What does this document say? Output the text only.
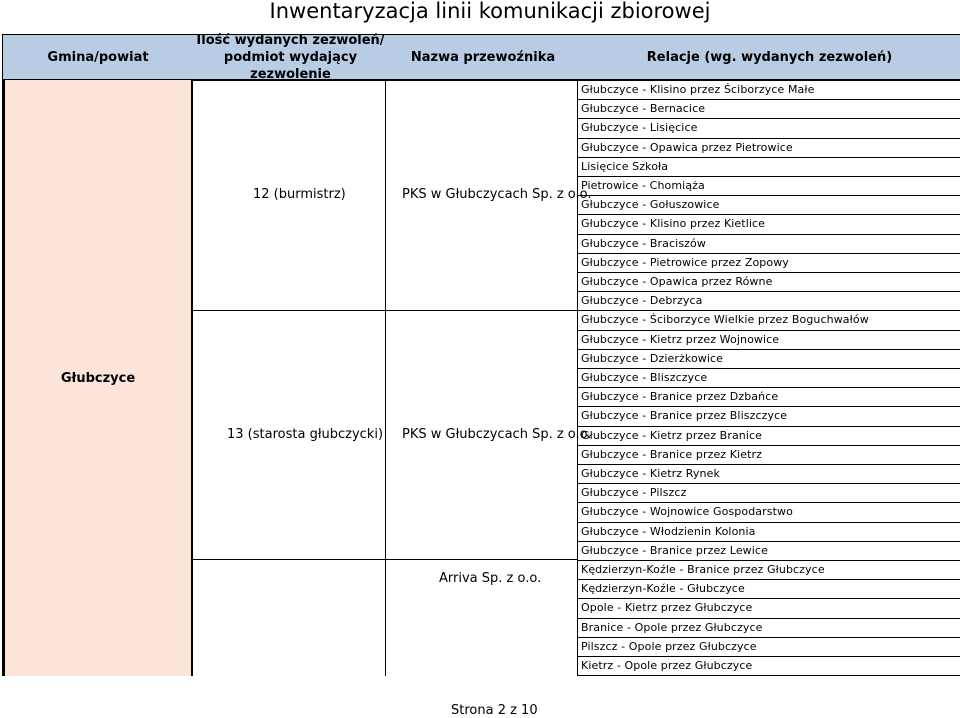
Inwentaryzacja linii komunikacji zbiorowej
Gmina/powiat
Ilość wydanych zezwoleń/
podmiot wydający zezwolenie
Nazwa przewoźnika	Relacje (wg. wydanych zezwoleń)
Głubczyce
12 (burmistrz)	PKS w Głubczycach Sp. z o.o.
13 (starosta głubczycki) PKS w Głubczycach Sp. z o.o.
Arriva Sp. z o.o.
Głubczyce - Klisino przez Ściborzyce Małe
Głubczyce - Bernacice
Głubczyce - Lisięcice
Głubczyce - Opawica przez Pietrowice
Lisięcice Szkoła
Pietrowice - Chomiąża
Głubczyce - Gołuszowice
Głubczyce - Klisino przez Kietlice
Głubczyce - Braciszów
Głubczyce - Pietrowice przez Zopowy
Głubczyce - Opawica przez Równe
Głubczyce - Debrzyca
Głubczyce - Ściborzyce Wielkie przez Boguchwałów
Głubczyce - Kietrz przez Wojnowice
Głubczyce - Dzierżkowice
Głubczyce - Bliszczyce
Głubczyce - Branice przez Dzbańce
Głubczyce - Branice przez Bliszczyce
Głubczyce - Kietrz przez Branice
Głubczyce - Branice przez Kietrz
Głubczyce - Kietrz Rynek
Głubczyce - Pilszcz
Głubczyce - Wojnowice Gospodarstwo
Głubczyce - Włodzienin Kolonia
Głubczyce - Branice przez Lewice
Kędzierzyn-Koźle - Branice przez Głubczyce
Kędzierzyn-Koźle - Głubczyce
Opole - Kietrz przez Głubczyce
Branice - Opole przez Głubczyce
Pilszcz - Opole przez Głubczyce
Kietrz - Opole przez Głubczyce
Strona 2 z 10
